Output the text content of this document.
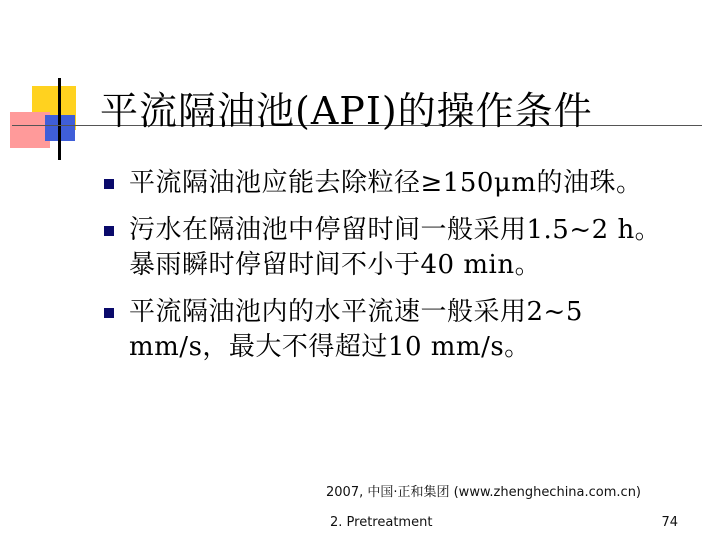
平流隔油池(API)的操作条件
平流隔油池应能去除粒径≥150μm的油珠。
污水在隔油池中停留时间一般采用1.5~2 h。暴雨瞬时停留时间不小于40 min。
平流隔油池内的水平流速一般采用2~5 mm/s，最大不得超过10 mm/s。
2007, 中国·正和集团 (www.zhenghechina.com.cn)
2. Pretreatment	74
